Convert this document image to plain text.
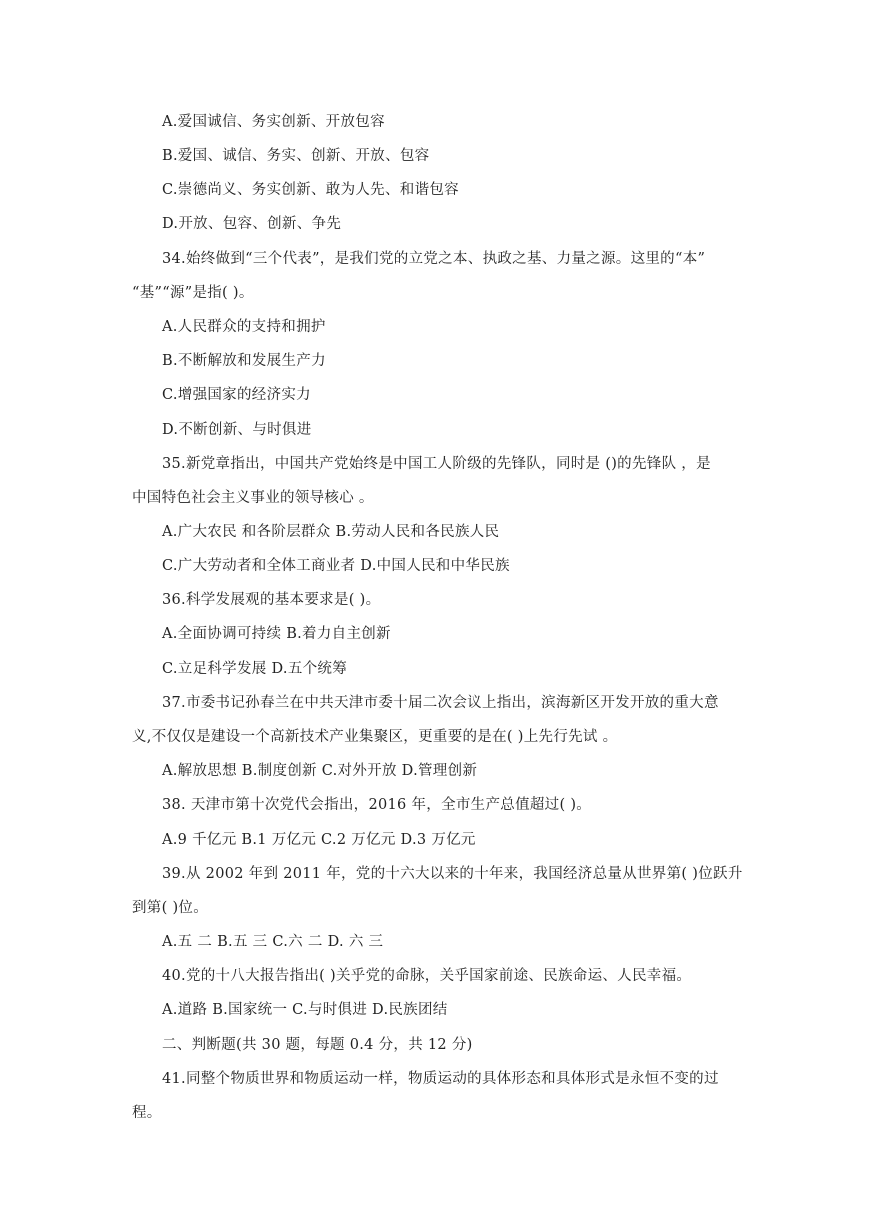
A.爱国诚信、务实创新、开放包容
B.爱国、诚信、务实、创新、开放、包容
C.崇德尚义、务实创新、敢为人先、和谐包容
D.开放、包容、创新、争先
34.始终做到“三个代表”，是我们党的立党之本、执政之基、力量之源。这里的“本”
“基”“源”是指( )。
A.人民群众的支持和拥护
B.不断解放和发展生产力
C.增强国家的经济实力
D.不断创新、与时俱进
35.新党章指出，中国共产党始终是中国工人阶级的先锋队，同时是 ()的先锋队 ，是
中国特色社会主义事业的领导核心 。
A.广大农民 和各阶层群众 B.劳动人民和各民族人民
C.广大劳动者和全体工商业者 D.中国人民和中华民族
36.科学发展观的基本要求是( )。
A.全面协调可持续 B.着力自主创新
C.立足科学发展 D.五个统筹
37.市委书记孙春兰在中共天津市委十届二次会议上指出，滨海新区开发开放的重大意
义,不仅仅是建设一个高新技术产业集聚区，更重要的是在( )上先行先试 。
A.解放思想 B.制度创新 C.对外开放 D.管理创新
38. 天津市第十次党代会指出，2016 年，全市生产总值超过( )。
A.9 千亿元 B.1 万亿元 C.2 万亿元 D.3 万亿元
39.从 2002 年到 2011 年，党的十六大以来的十年来，我国经济总量从世界第( )位跃升
到第( )位。
A.五 二 B.五 三 C.六 二 D. 六 三
40.党的十八大报告指出( )关乎党的命脉，关乎国家前途、民族命运、人民幸福。
A.道路 B.国家统一 C.与时俱进 D.民族团结
二、判断题(共 30 题，每题 0.4 分，共 12 分)
41.同整个物质世界和物质运动一样，物质运动的具体形态和具体形式是永恒不变的过
程。
